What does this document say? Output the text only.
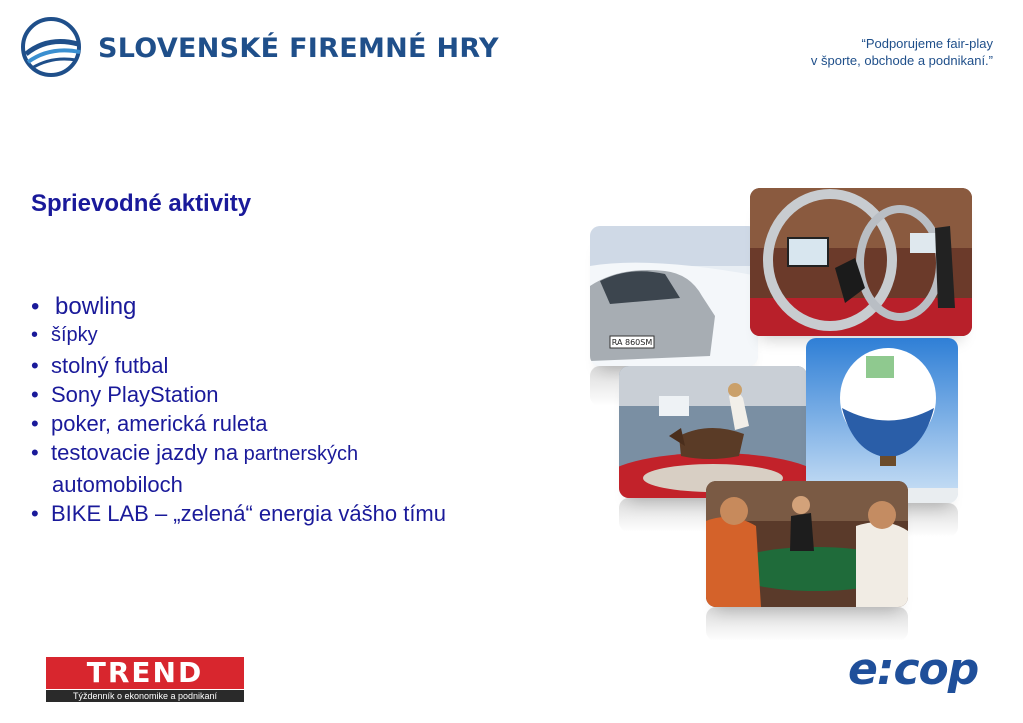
SLOVENSKÉ FIREMNÉ HRY	“Podporujeme fair-play
v športe, obchode a podnikaní.”
Sprievodné aktivity
• bowling
• šípky
• stolný futbal
• Sony PlayStation
• poker, americká ruleta
• testovacie jazdy na partnerských
automobiloch
• BIKE LAB – „zelená“ energia vášho tímu
RA 860SM
TREND
Týždenník o ekonomike a podnikaní
e:cop
